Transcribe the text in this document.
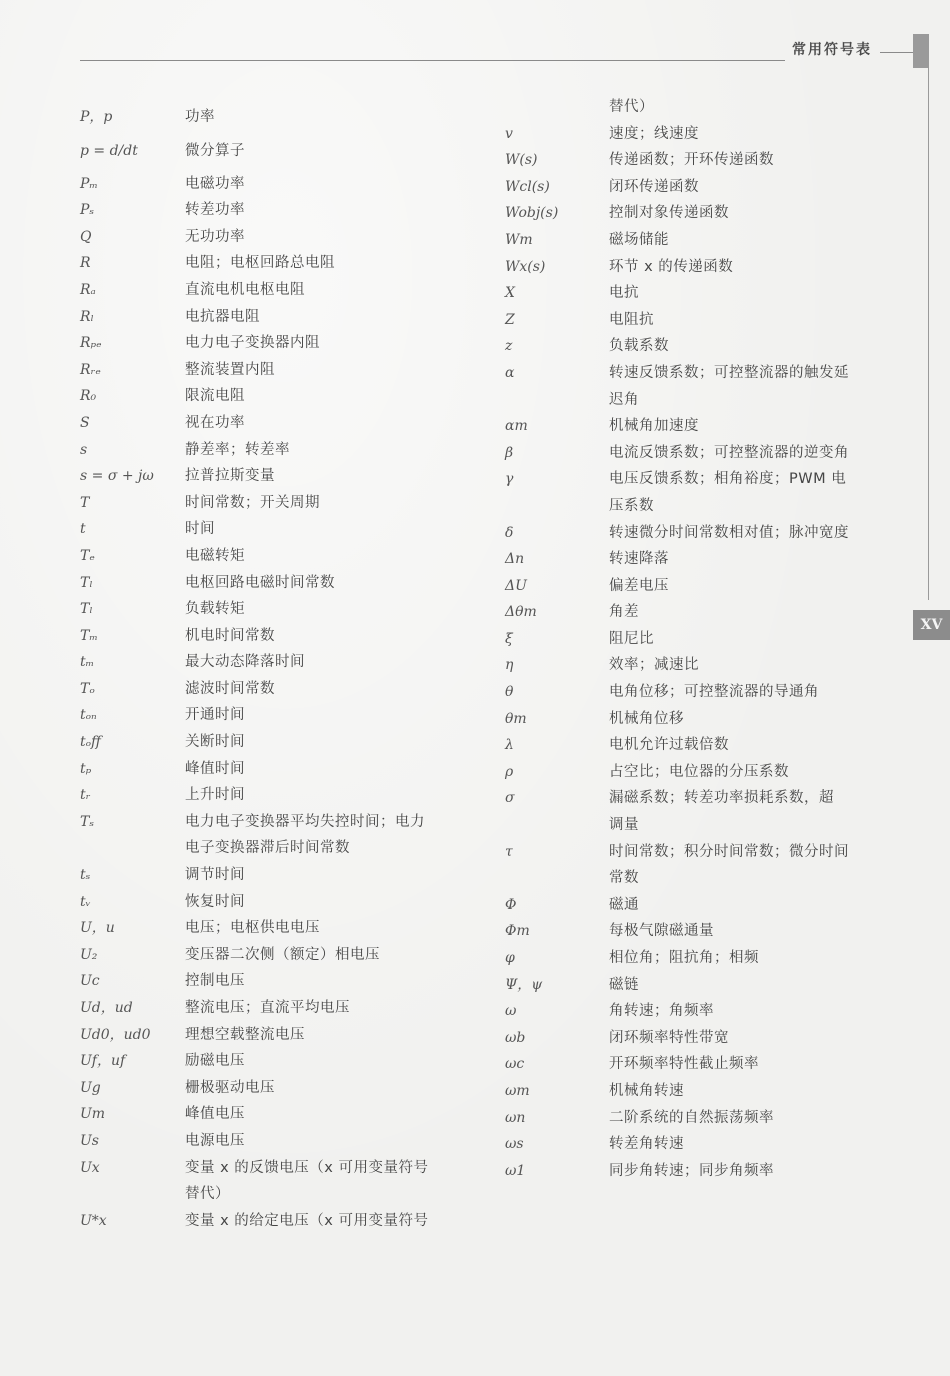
常用符号表
XV
P，p	功率
p = d/dt	微分算子
Pₘ	电磁功率
Pₛ	转差功率
Q	无功功率
R	电阻；电枢回路总电阻
Rₐ	直流电机电枢电阻
Rₗ	电抗器电阻
Rₚₑ	电力电子变换器内阻
Rᵣₑ	整流装置内阻
R₀	限流电阻
S	视在功率
s	静差率；转差率
s = σ + jω	拉普拉斯变量
T	时间常数；开关周期
t	时间
Tₑ	电磁转矩
Tₗ	电枢回路电磁时间常数
Tₗ	负载转矩
Tₘ	机电时间常数
tₘ	最大动态降落时间
Tₒ	滤波时间常数
tₒₙ	开通时间
tₒff	关断时间
tₚ	峰值时间
tᵣ	上升时间
Tₛ	电力电子变换器平均失控时间；电力
电子变换器滞后时间常数
tₛ	调节时间
tᵥ	恢复时间
U，u	电压；电枢供电电压
U₂	变压器二次侧（额定）相电压
Uc	控制电压
Ud，ud	整流电压；直流平均电压
Ud0，ud0	理想空载整流电压
Uf，uf	励磁电压
Ug	栅极驱动电压
Um	峰值电压
Us	电源电压
Ux	变量 x 的反馈电压（x 可用变量符号
替代）
U*x	变量 x 的给定电压（x 可用变量符号
替代）
v	速度；线速度
W(s)	传递函数；开环传递函数
Wcl(s)	闭环传递函数
Wobj(s)	控制对象传递函数
Wm	磁场储能
Wx(s)	环节 x 的传递函数
X	电抗
Z	电阻抗
z	负载系数
α	转速反馈系数；可控整流器的触发延
迟角
αm	机械角加速度
β	电流反馈系数；可控整流器的逆变角
γ	电压反馈系数；相角裕度；PWM 电
压系数
δ	转速微分时间常数相对值；脉冲宽度
Δn	转速降落
ΔU	偏差电压
Δθm	角差
ξ	阻尼比
η	效率；减速比
θ	电角位移；可控整流器的导通角
θm	机械角位移
λ	电机允许过载倍数
ρ	占空比；电位器的分压系数
σ	漏磁系数；转差功率损耗系数，超
调量
τ	时间常数；积分时间常数；微分时间
常数
Φ	磁通
Φm	每极气隙磁通量
φ	相位角；阻抗角；相频
Ψ，ψ	磁链
ω	角转速；角频率
ωb	闭环频率特性带宽
ωc	开环频率特性截止频率
ωm	机械角转速
ωn	二阶系统的自然振荡频率
ωs	转差角转速
ω1	同步角转速；同步角频率
